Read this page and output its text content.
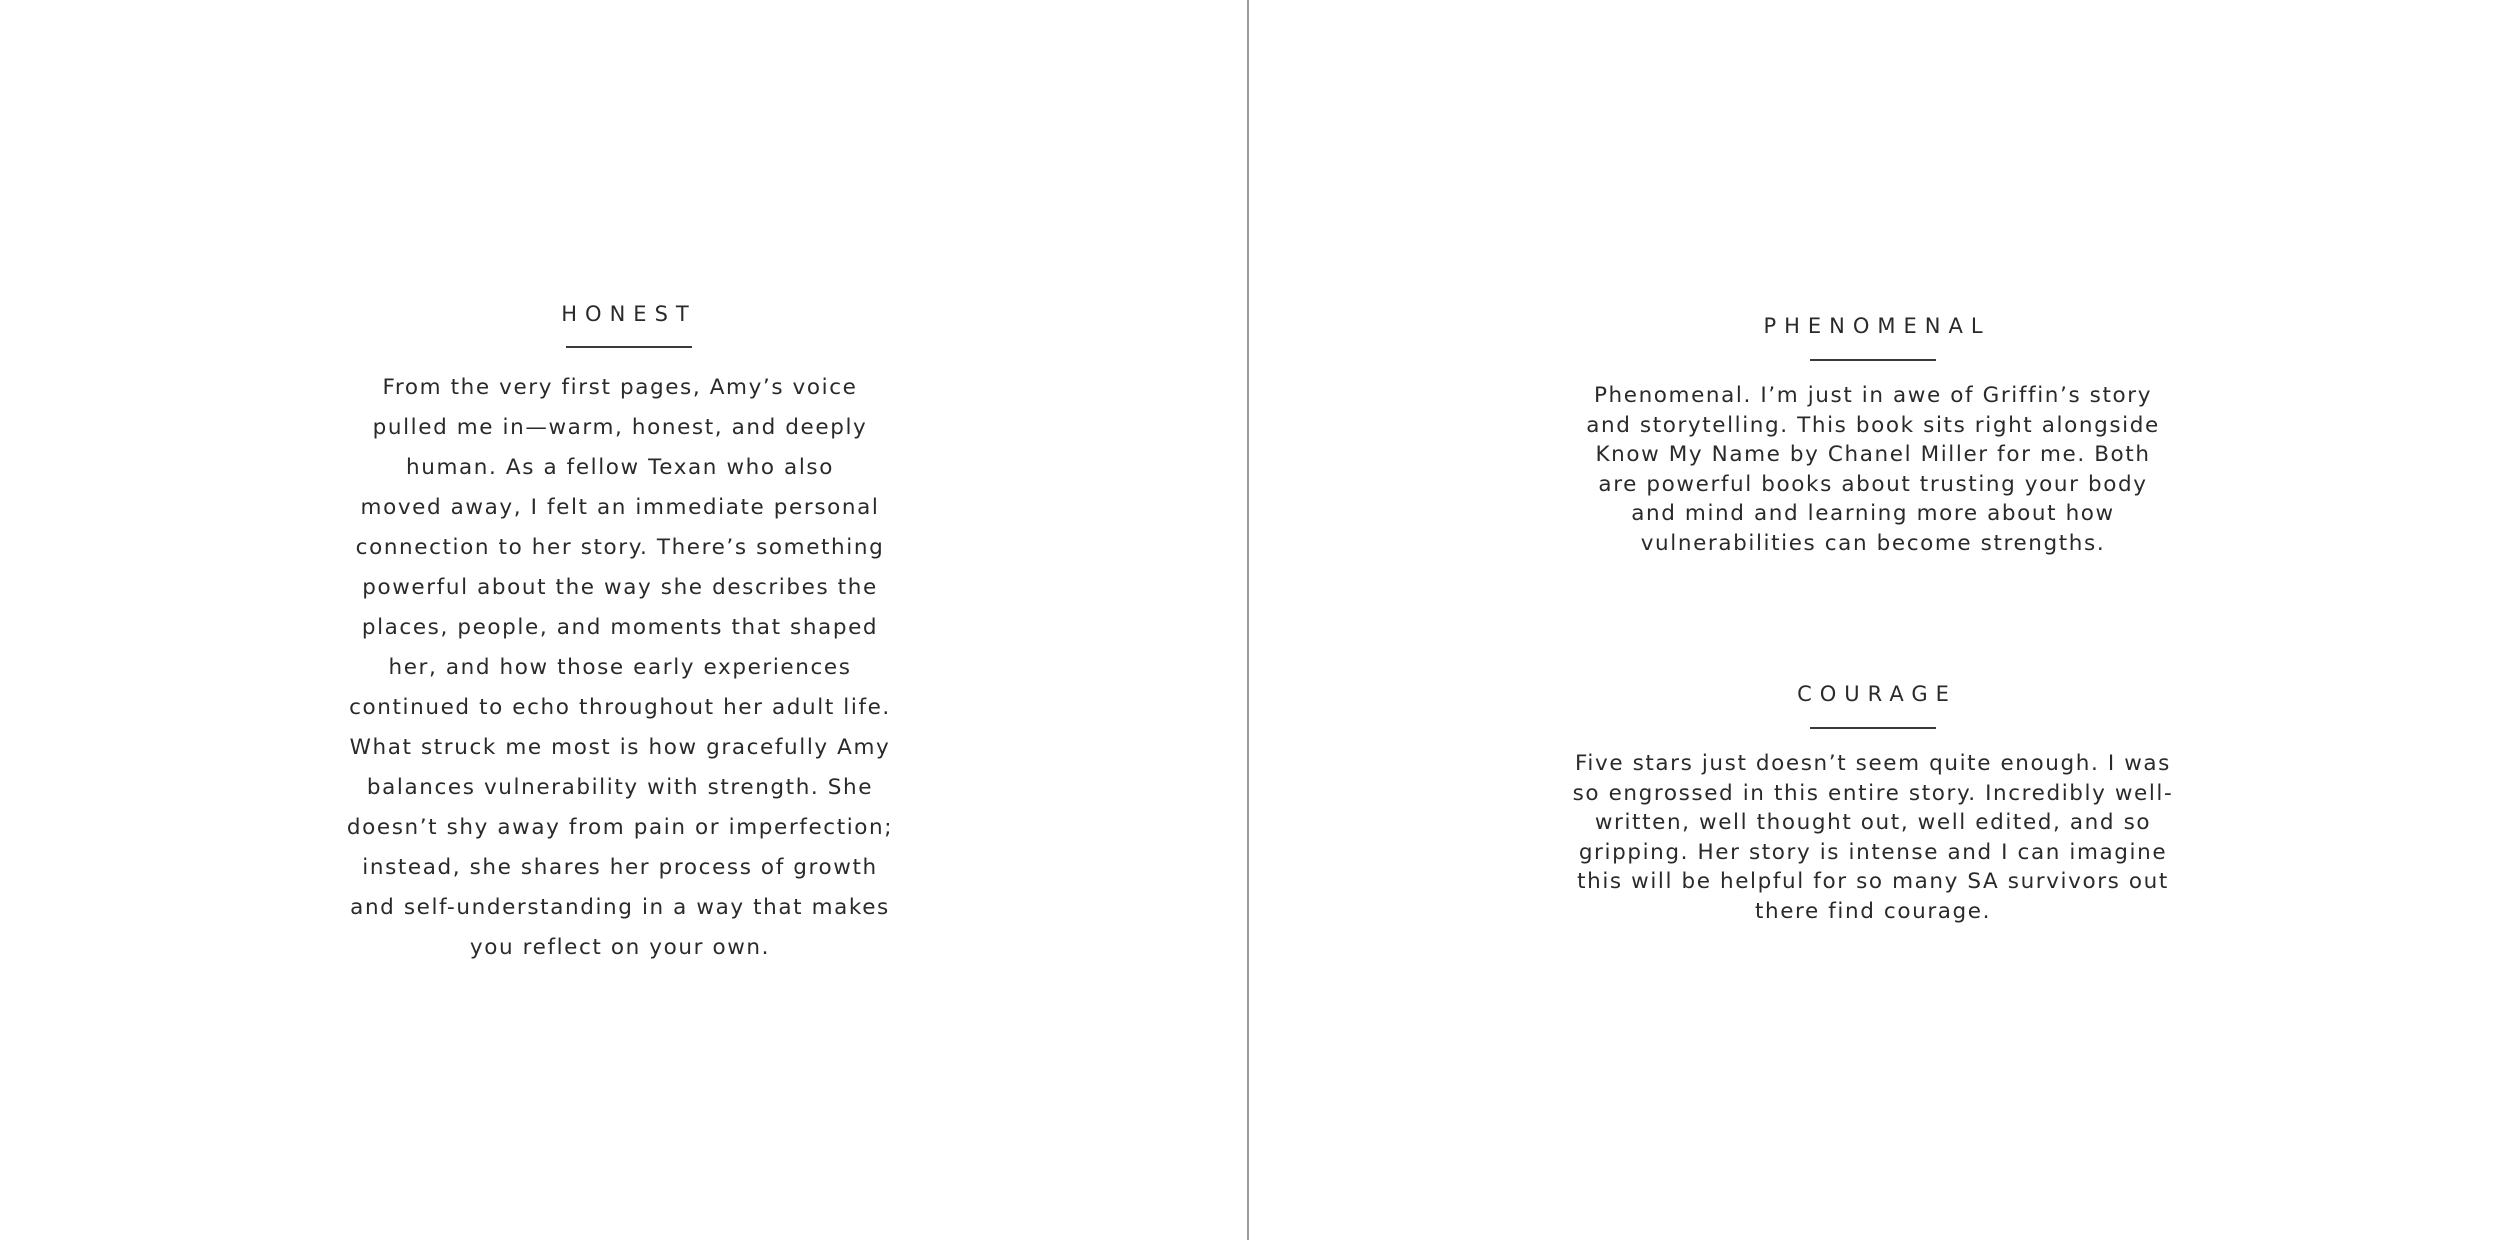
HONEST
From the very first pages, Amy’s voice
pulled me in—warm, honest, and deeply
human. As a fellow Texan who also
moved away, I felt an immediate personal
connection to her story. There’s something
powerful about the way she describes the
places, people, and moments that shaped
her, and how those early experiences
continued to echo throughout her adult life.
What struck me most is how gracefully Amy
balances vulnerability with strength. She
doesn’t shy away from pain or imperfection;
instead, she shares her process of growth
and self-understanding in a way that makes
you reflect on your own.
PHENOMENAL
Phenomenal. I’m just in awe of Griffin’s story
and storytelling. This book sits right alongside
Know My Name by Chanel Miller for me. Both
are powerful books about trusting your body
and mind and learning more about how
vulnerabilities can become strengths.
COURAGE
Five stars just doesn’t seem quite enough. I was
so engrossed in this entire story. Incredibly well-
written, well thought out, well edited, and so
gripping. Her story is intense and I can imagine
this will be helpful for so many SA survivors out
there find courage.
